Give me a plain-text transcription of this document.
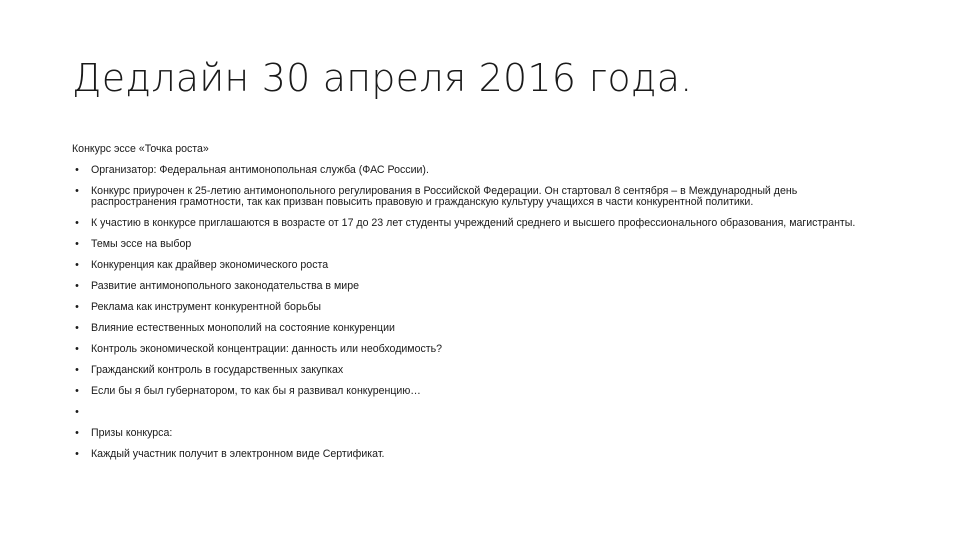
Дедлайн 30 апреля 2016 года.
Конкурс эссе «Точка роста»
• Организатор: Федеральная антимонопольная служба (ФАС России).
• Конкурс приурочен к 25-летию антимонопольного регулирования в Российской Федерации. Он стартовал 8 сентября – в Международный день распространения грамотности, так как призван повысить правовую и гражданскую культуру учащихся в части конкурентной политики.
• К участию в конкурсе приглашаются в возрасте от 17 до 23 лет студенты учреждений среднего и высшего профессионального образования, магистранты.
• Темы эссе на выбор
• Конкуренция как драйвер экономического роста
• Развитие антимонопольного законодательства в мире
• Реклама как инструмент конкурентной борьбы
• Влияние естественных монополий на состояние конкуренции
• Контроль экономической концентрации: данность или необходимость?
• Гражданский контроль в государственных закупках
• Если бы я был губернатором, то как бы я развивал конкуренцию…
•
• Призы конкурса:
• Каждый участник получит в электронном виде Сертификат.
